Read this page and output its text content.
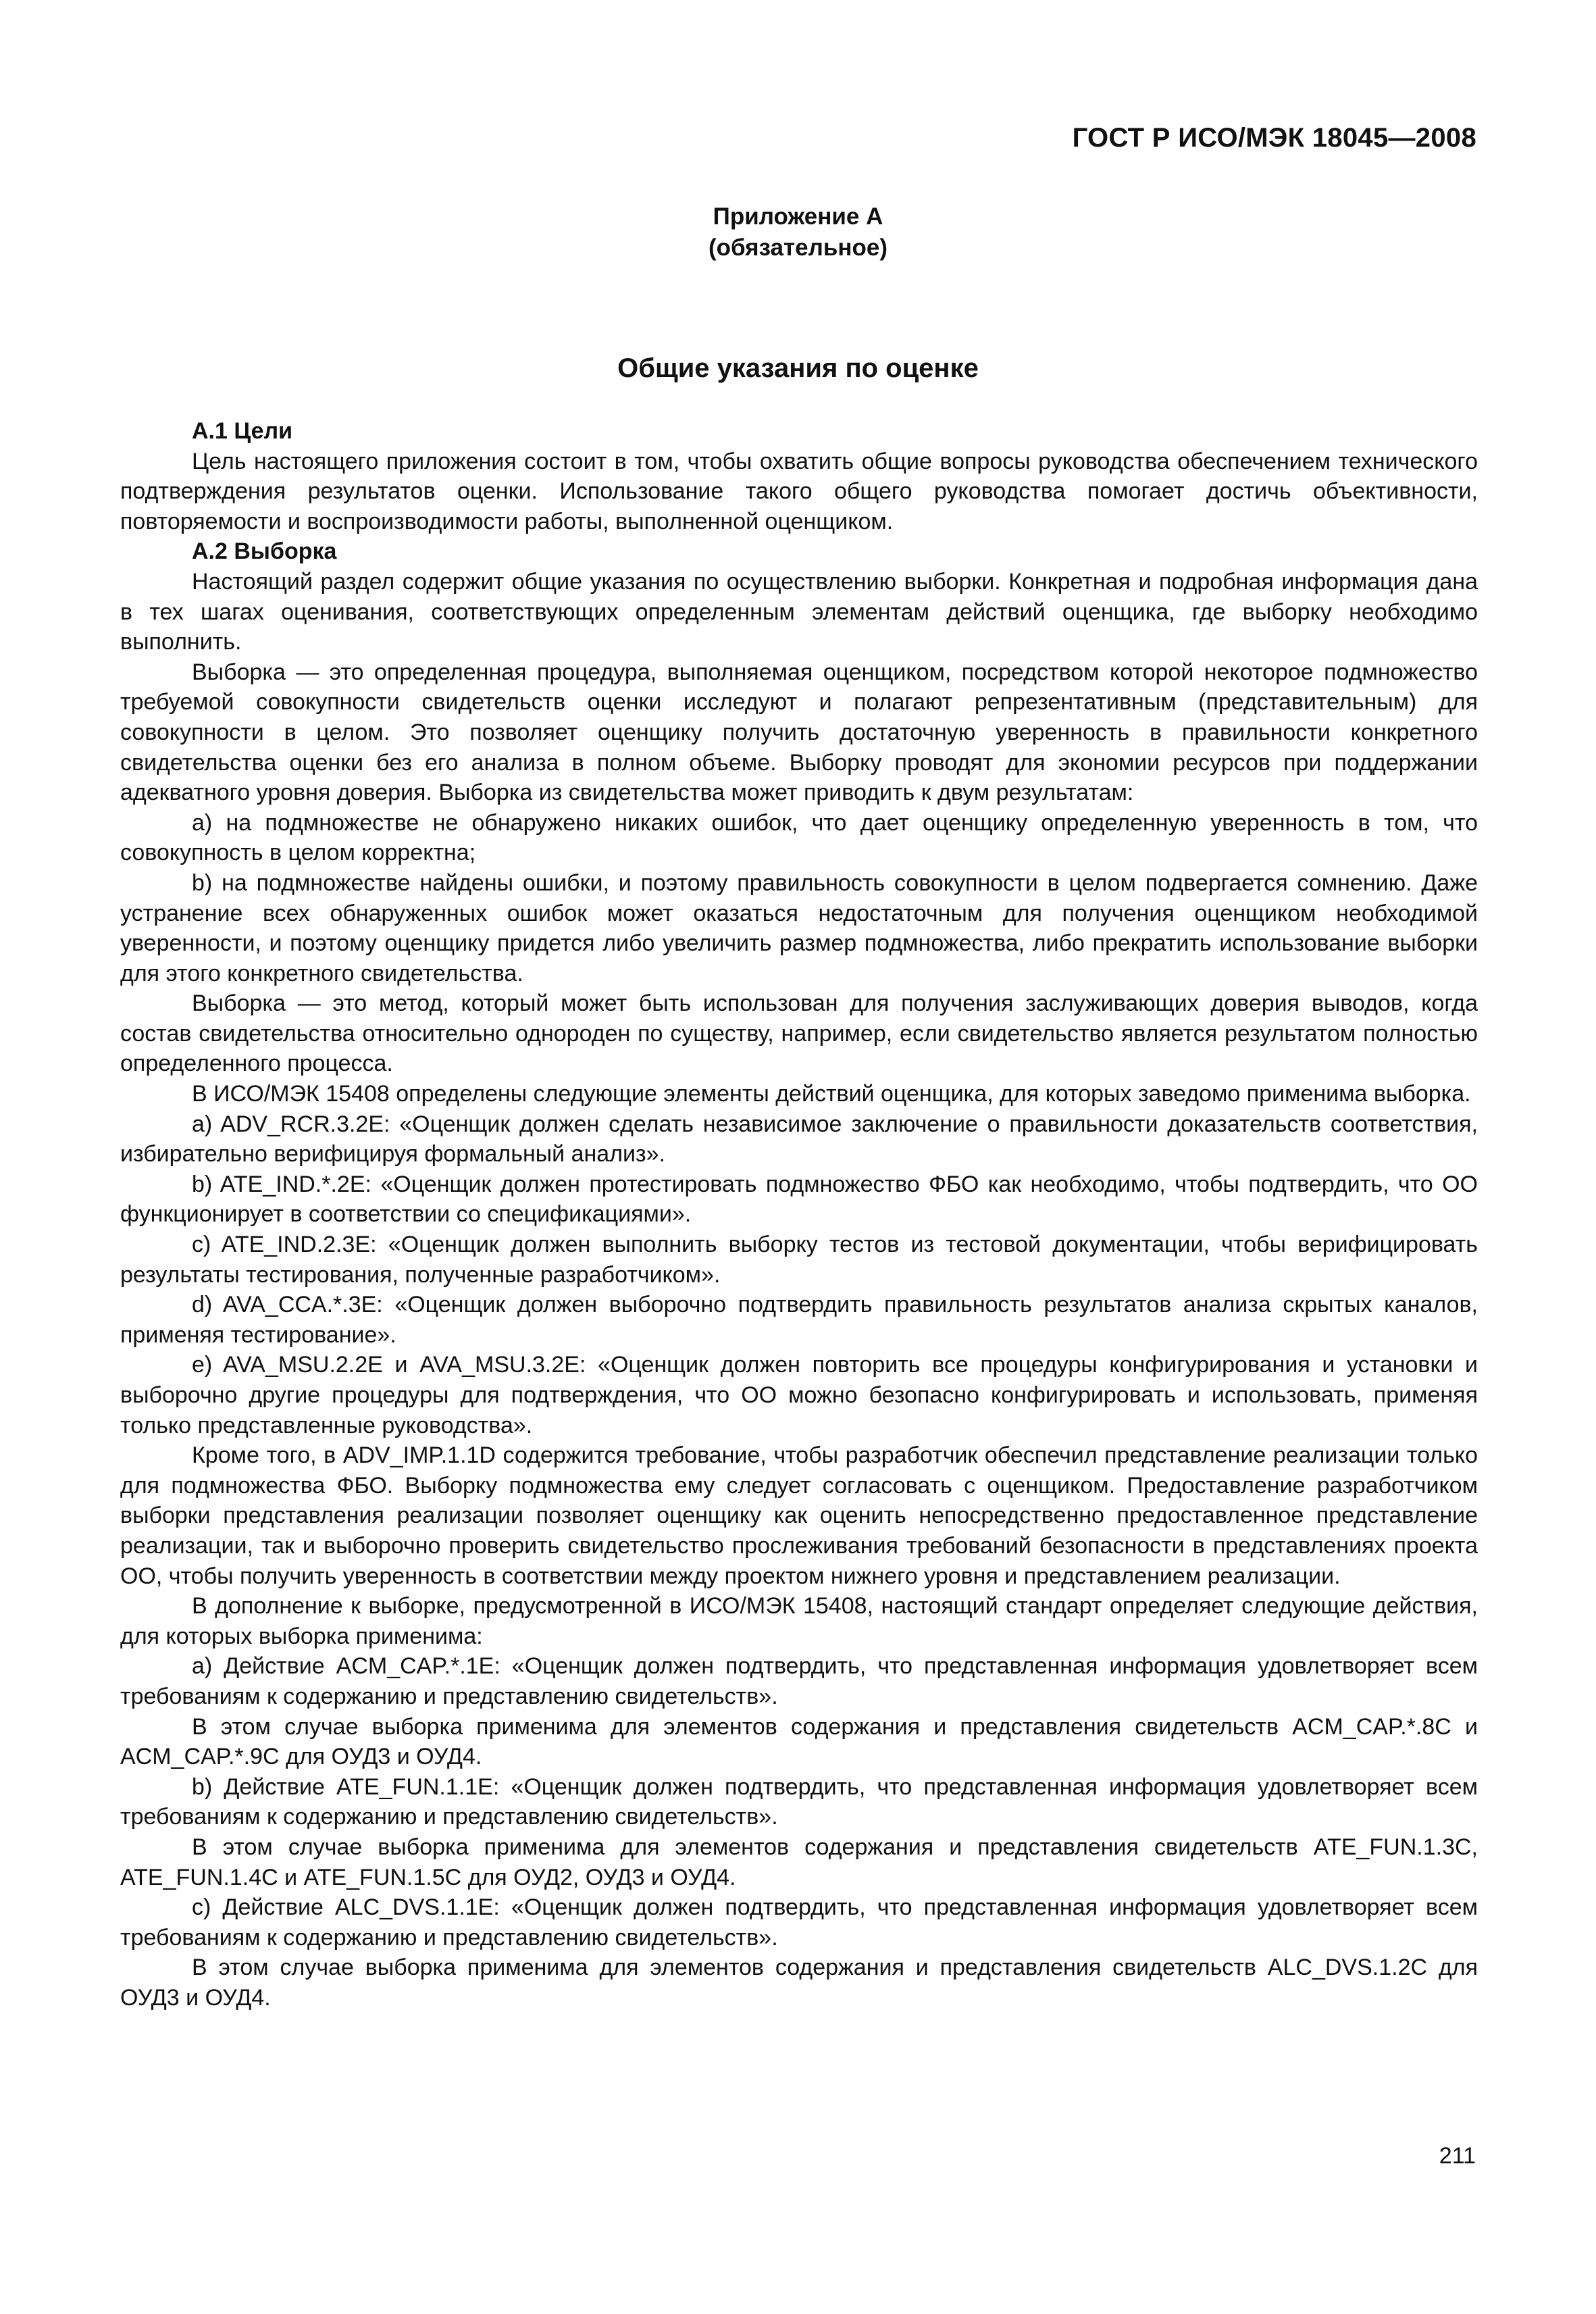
ГОСТ Р ИСО/МЭК 18045—2008
Приложение А
(обязательное)
Общие указания по оценке
А.1 Цели

Цель настоящего приложения состоит в том, чтобы охватить общие вопросы руководства обеспечением технического подтверждения результатов оценки. Использование такого общего руководства помогает достичь объективности, повторяемости и воспроизводимости работы, выполненной оценщиком.

А.2 Выборка

Настоящий раздел содержит общие указания по осуществлению выборки. Конкретная и подробная информация дана в тех шагах оценивания, соответствующих определенным элементам действий оценщика, где выборку необходимо выполнить.

Выборка — это определенная процедура, выполняемая оценщиком, посредством которой некоторое подмножество требуемой совокупности свидетельств оценки исследуют и полагают репрезентативным (представительным) для совокупности в целом. Это позволяет оценщику получить достаточную уверенность в правильности конкретного свидетельства оценки без его анализа в полном объеме. Выборку проводят для экономии ресурсов при поддержании адекватного уровня доверия. Выборка из свидетельства может приводить к двум результатам:

a) на подмножестве не обнаружено никаких ошибок, что дает оценщику определенную уверенность в том, что совокупность в целом корректна;

b) на подмножестве найдены ошибки, и поэтому правильность совокупности в целом подвергается сомнению. Даже устранение всех обнаруженных ошибок может оказаться недостаточным для получения оценщиком необходимой уверенности, и поэтому оценщику придется либо увеличить размер подмножества, либо прекратить использование выборки для этого конкретного свидетельства.

Выборка — это метод, который может быть использован для получения заслуживающих доверия выводов, когда состав свидетельства относительно однороден по существу, например, если свидетельство является результатом полностью определенного процесса.

В ИСО/МЭК 15408 определены следующие элементы действий оценщика, для которых заведомо применима выборка.

a) ADV_RCR.3.2E: «Оценщик должен сделать независимое заключение о правильности доказательств соответствия, избирательно верифицируя формальный анализ».

b) ATE_IND.*.2E: «Оценщик должен протестировать подмножество ФБО как необходимо, чтобы подтвердить, что ОО функционирует в соответствии со спецификациями».

c) ATE_IND.2.3E: «Оценщик должен выполнить выборку тестов из тестовой документации, чтобы верифицировать результаты тестирования, полученные разработчиком».

d) AVA_CCA.*.3E: «Оценщик должен выборочно подтвердить правильность результатов анализа скрытых каналов, применяя тестирование».

e) AVA_MSU.2.2E и AVA_MSU.3.2E: «Оценщик должен повторить все процедуры конфигурирования и установки и выборочно другие процедуры для подтверждения, что ОО можно безопасно конфигурировать и использовать, применяя только представленные руководства».

Кроме того, в ADV_IMP.1.1D содержится требование, чтобы разработчик обеспечил представление реализации только для подмножества ФБО. Выборку подмножества ему следует согласовать с оценщиком. Предоставление разработчиком выборки представления реализации позволяет оценщику как оценить непосредственно предоставленное представление реализации, так и выборочно проверить свидетельство прослеживания требований безопасности в представлениях проекта ОО, чтобы получить уверенность в соответствии между проектом нижнего уровня и представлением реализации.

В дополнение к выборке, предусмотренной в ИСО/МЭК 15408, настоящий стандарт определяет следующие действия, для которых выборка применима:

a) Действие ACM_CAP.*.1E: «Оценщик должен подтвердить, что представленная информация удовлетворяет всем требованиям к содержанию и представлению свидетельств».

В этом случае выборка применима для элементов содержания и представления свидетельств ACM_CAP.*.8C и ACM_CAP.*.9C для ОУД3 и ОУД4.

b) Действие ATE_FUN.1.1E: «Оценщик должен подтвердить, что представленная информация удовлетворяет всем требованиям к содержанию и представлению свидетельств».

В этом случае выборка применима для элементов содержания и представления свидетельств ATE_FUN.1.3C, ATE_FUN.1.4C и ATE_FUN.1.5C для ОУД2, ОУД3 и ОУД4.

c) Действие ALC_DVS.1.1E: «Оценщик должен подтвердить, что представленная информация удовлетворяет всем требованиям к содержанию и представлению свидетельств».

В этом случае выборка применима для элементов содержания и представления свидетельств ALC_DVS.1.2C для ОУД3 и ОУД4.

211
